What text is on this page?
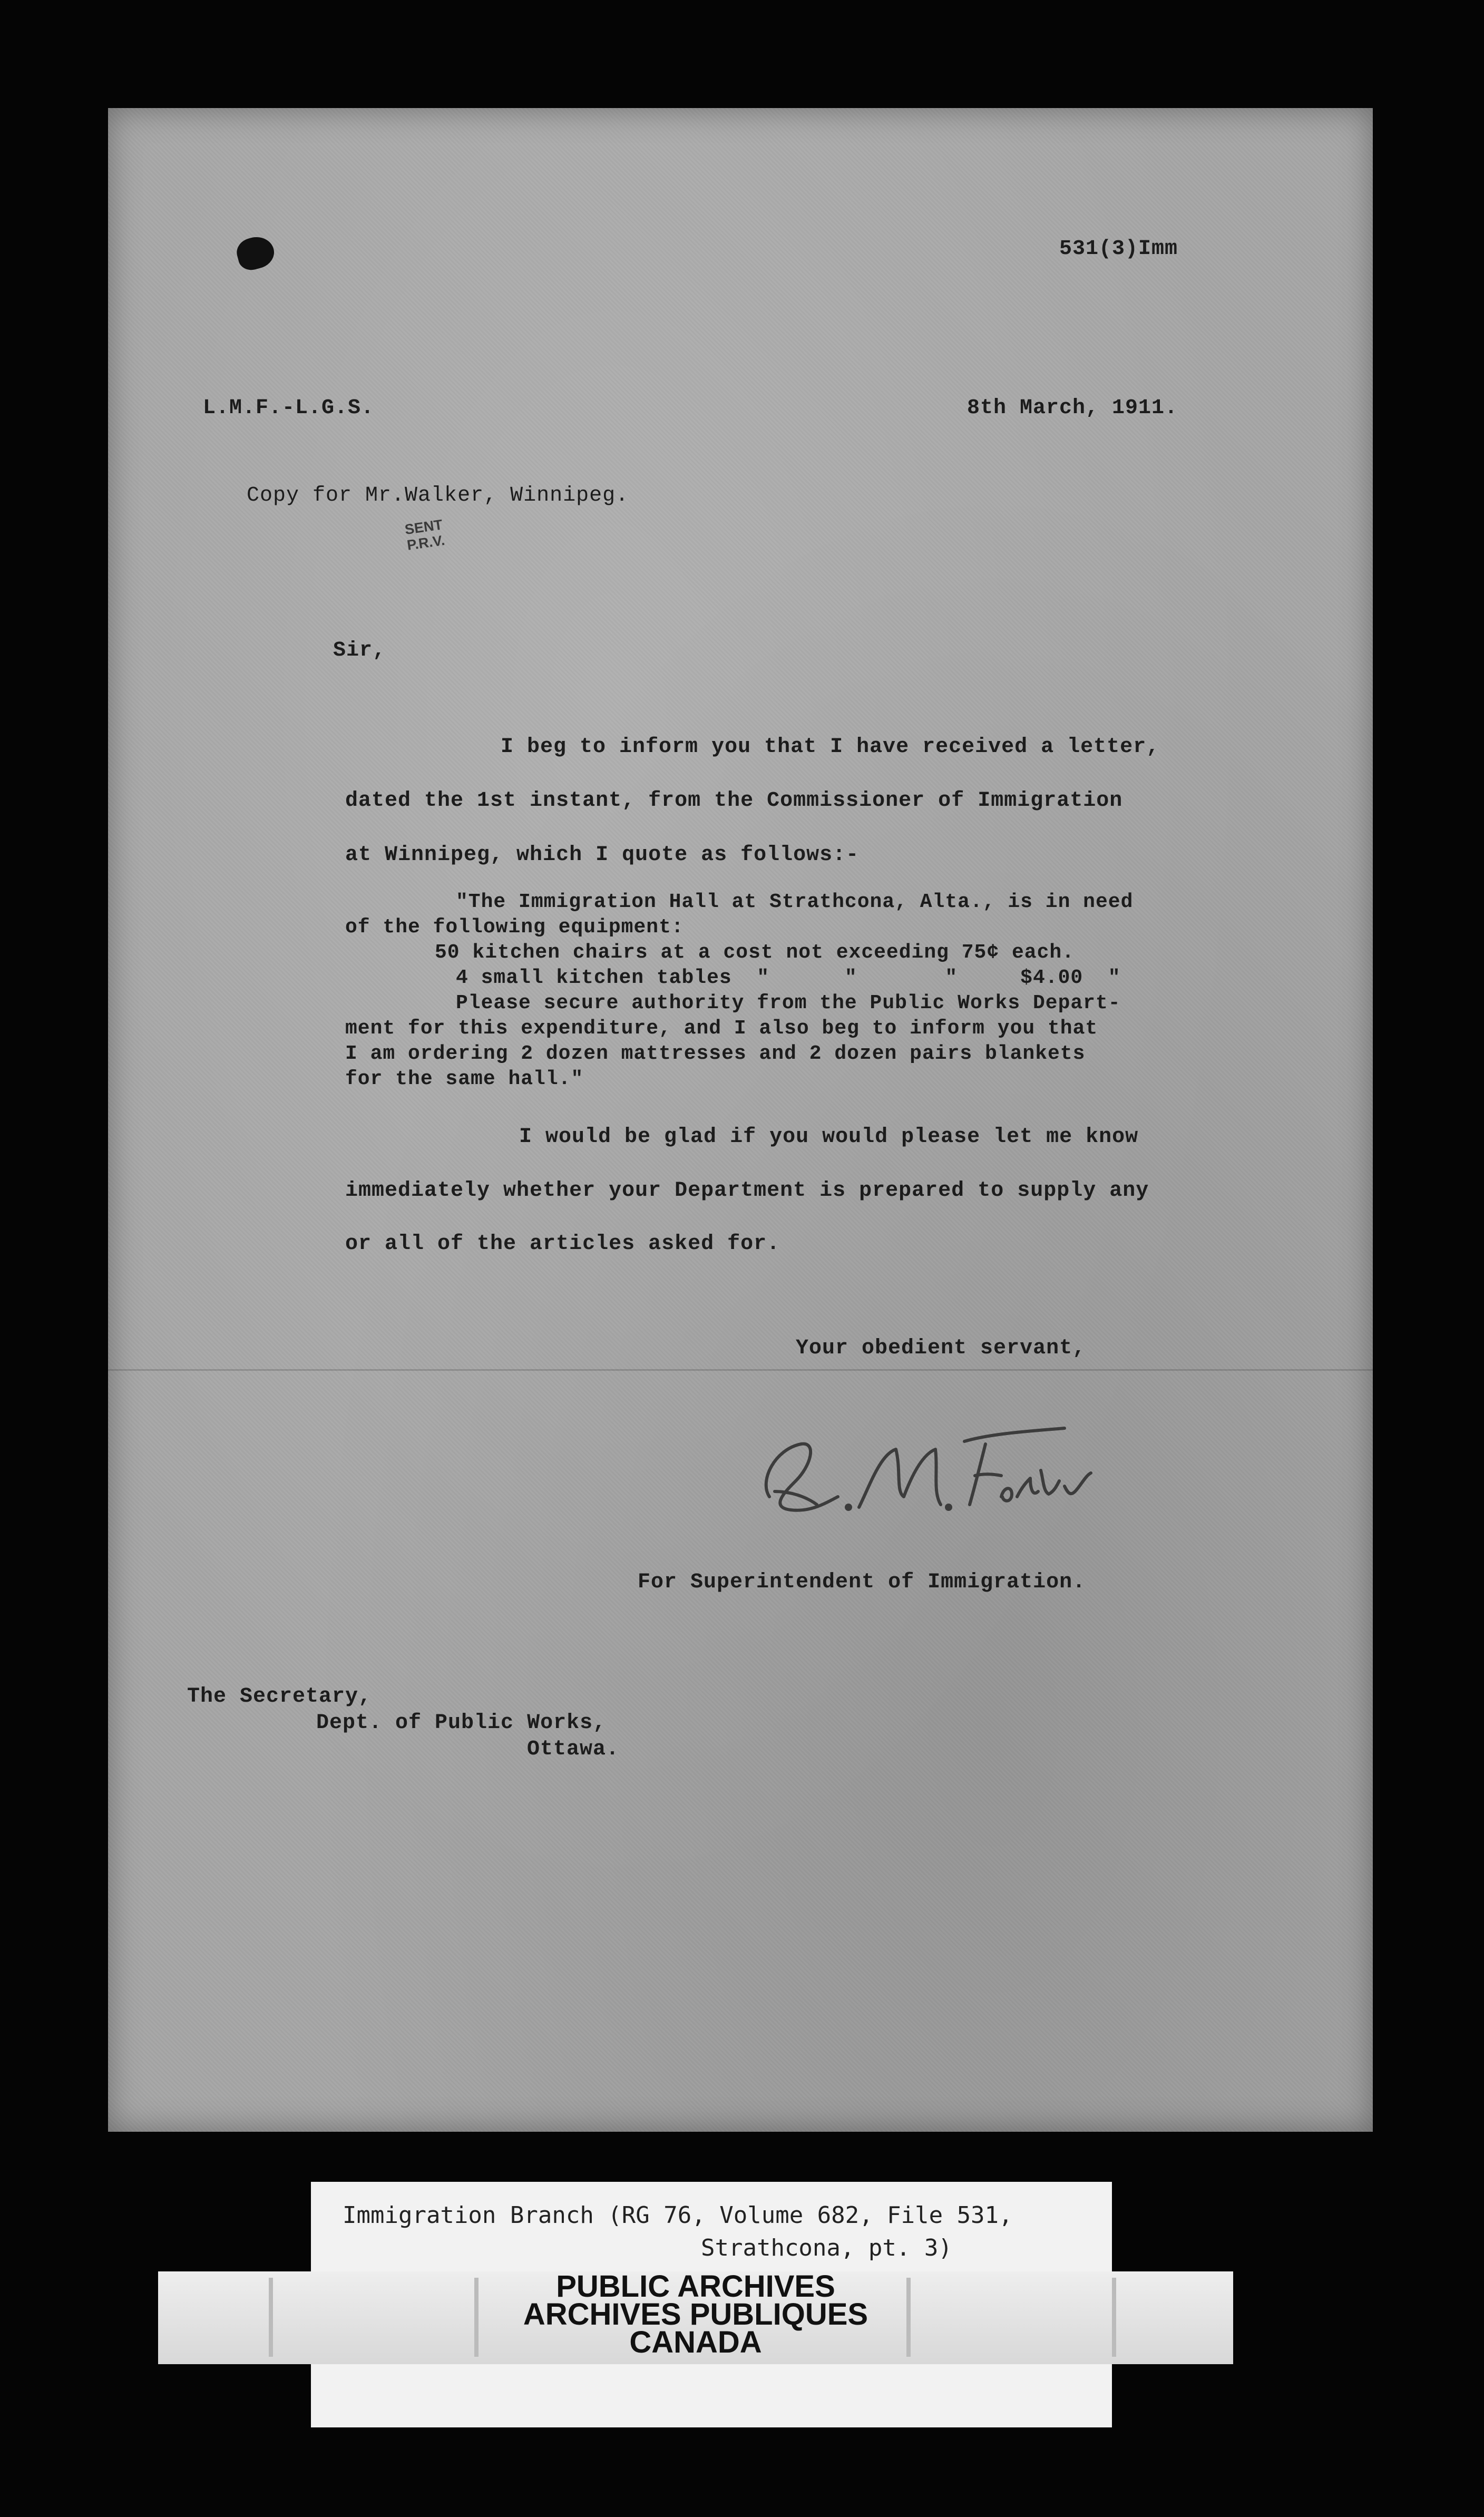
531(3)Imm
L.M.F.-L.G.S.	8th March, 1911.
Copy for Mr.Walker, Winnipeg.
SENT
P.R.V.
Sir,
I beg to inform you that I have received a letter,
dated the 1st instant, from the Commissioner of Immigration
at Winnipeg, which I quote as follows:-
"The Immigration Hall at Strathcona, Alta., is in need
of the following equipment:
50 kitchen chairs at a cost not exceeding 75¢ each.
4 small kitchen tables  "      "       "     $4.00  "
Please secure authority from the Public Works Depart-
ment for this expenditure, and I also beg to inform you that
I am ordering 2 dozen mattresses and 2 dozen pairs blankets
for the same hall."
I would be glad if you would please let me know
immediately whether your Department is prepared to supply any
or all of the articles asked for.
Your obedient servant,
For Superintendent of Immigration.
The Secretary,
Dept. of Public Works,
Ottawa.
Immigration Branch (RG 76, Volume 682, File 531,
Strathcona, pt. 3)
PUBLIC ARCHIVES
ARCHIVES PUBLIQUES
CANADA
